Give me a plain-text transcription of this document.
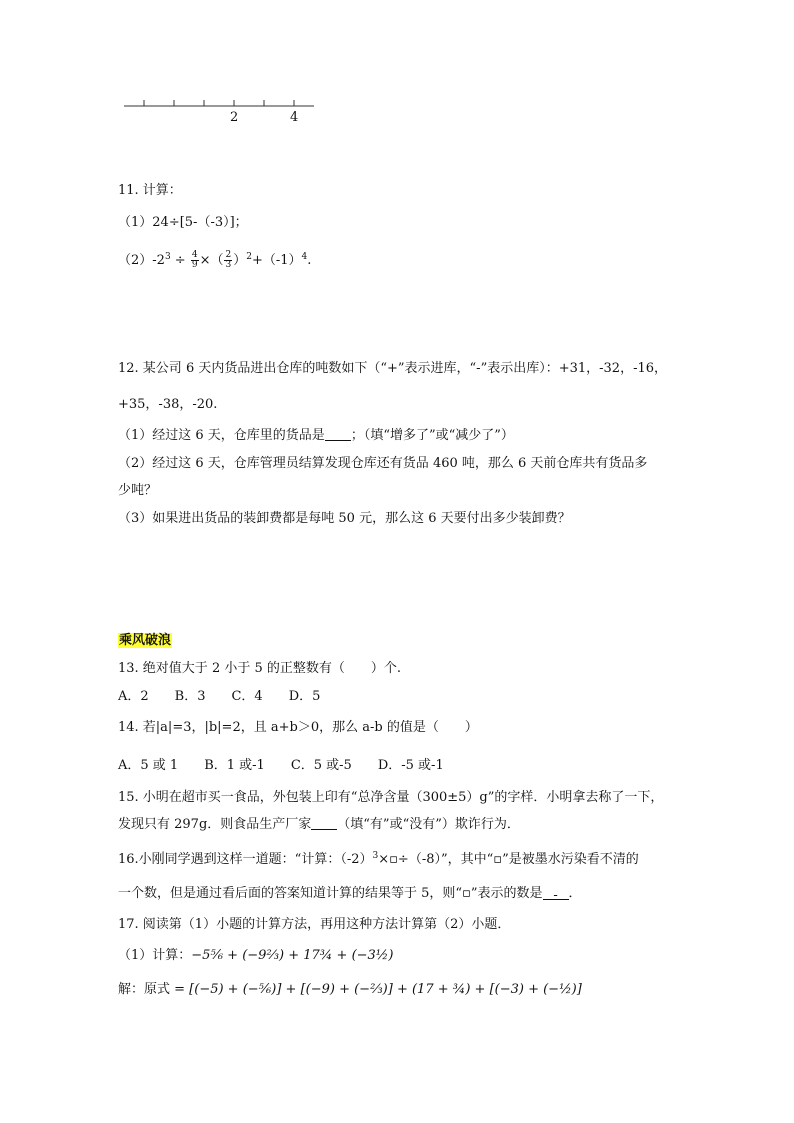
2	4
11. 计算：
（1）24÷[5-（-3）]；
$(2)-2^3 \div \frac{4}{9}$ ×（ $\frac{2}{3} )^2+(-1)^4$.
12. 某公司 6 天内货品进出仓库的吨数如下（“+”表示进库，“-”表示出库）：+31，-32，-16，
+35，-38，-20.
（1）经过这 6 天，仓库里的货品是 ；（填“增多了”或“减少了”）
（2）经过这 6 天，仓库管理员结算发现仓库还有货品 460 吨，那么 6 天前仓库共有货品多
少吨？
（3）如果进出货品的装卸费都是每吨 50 元，那么这 6 天要付出多少装卸费？
乘风破浪
13. 绝对值大于 2 小于 5 的正整数有（　　）个.
A．2　　B．3　　C．4　　D．5
14. 若|a|=3，|b|=2，且 a+b＞0，那么 a-b 的值是（　　）
A．5 或 1　　B．1 或-1　　C．5 或-5　　D．-5 或-1
15. 小明在超市买一食品，外包装上印有“总净含量（300±5）g”的字样．小明拿去称了一下，
发现只有 297g．则食品生产厂家 （填“有”或“没有”）欺诈行为．
16.小刚同学遇到这样一道题：“计算：$(-2)^3\times▫\div(-8)$”，其中“▫”是被墨水污染看不清的
一个数，但是通过看后面的答案知道计算的结果等于 5，则“▫”表示的数是 - ．
17. 阅读第（1）小题的计算方法，再用这种方法计算第（2）小题．
（1）计算：−5⅚ + (−9⅔) + 17¾ + (−3½)
解：原式 = [(−5) + (−⅚)] + [(−9) + (−⅔)] + (17 + ¾) + [(−3) + (−½)]
